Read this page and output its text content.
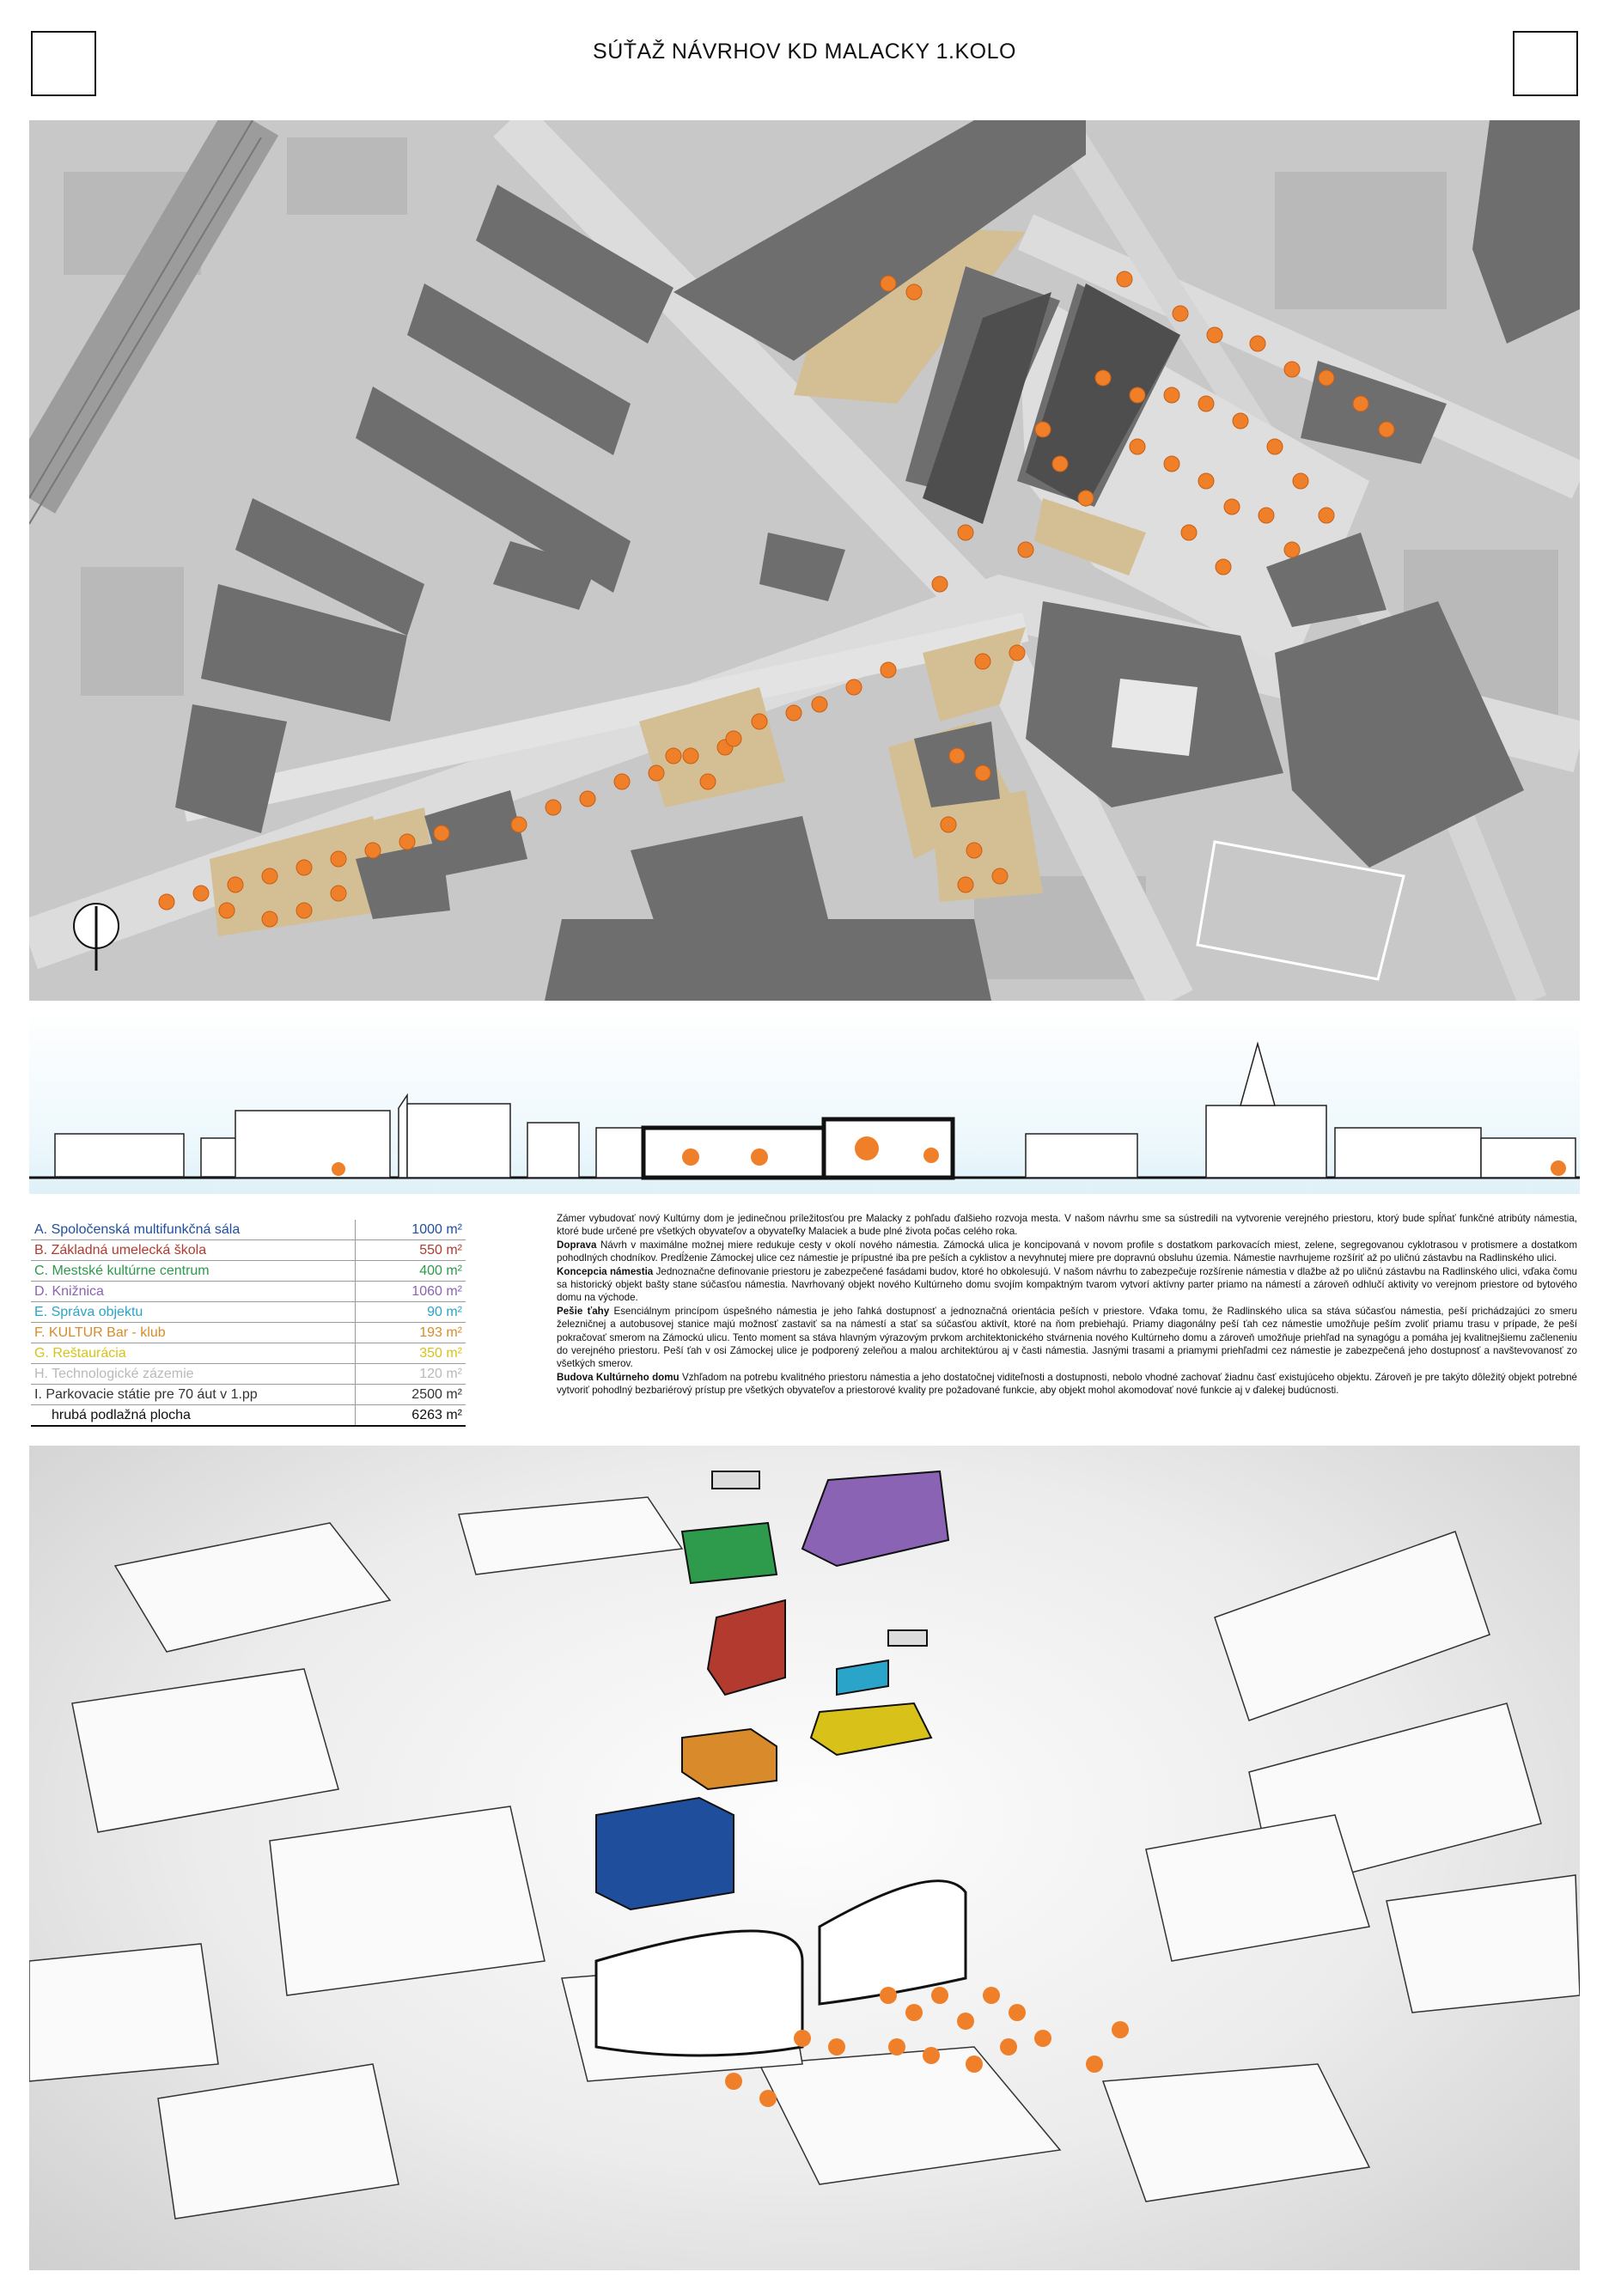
SÚŤAŽ NÁVRHOV KD MALACKY 1.KOLO
A. Spoločenská multifunkčná sála	1000 m²
B. Základná umelecká škola	550 m²
C. Mestské kultúrne centrum	400 m²
D. Knižnica	1060 m²
E. Správa objektu	90 m²
F. KULTUR Bar - klub	193 m²
G. Reštaurácia	350 m²
H. Technologické zázemie	120 m²
I. Parkovacie státie pre 70 áut v 1.pp	2500 m²
hrubá podlažná plocha	6263 m²

Zámer vybudovať nový Kultúrny dom je jedinečnou príležitosťou pre Malacky z pohľadu ďalšieho rozvoja mesta. V našom návrhu sme sa sústredili na vytvorenie verejného priestoru, ktorý bude spĺňať funkčné atribúty námestia, ktoré bude určené pre všetkých obyvateľov a obyvateľky Malaciek a bude plné života počas celého roka.

Doprava Návrh v maximálne možnej miere redukuje cesty v okolí nového námestia. Zámocká ulica je koncipovaná v novom profile s dostatkom parkovacích miest, zelene, segregovanou cyklotrasou v protismere a dostatkom pohodlných chodníkov. Predĺženie Zámockej ulice cez námestie je prípustné iba pre peších a cyklistov a nevyhnutej miere pre dopravnú obsluhu územia. Námestie navrhujeme rozšíriť až po uličnú zástavbu na Radlinského ulici.

Koncepcia námestia Jednoznačne definovanie priestoru je zabezpečené fasádami budov, ktoré ho obkolesujú. V našom návrhu to zabezpečuje rozšírenie námestia v dlažbe až po uličnú zástavbu na Radlinského ulici, vďaka čomu sa historický objekt bašty stane súčasťou námestia. Navrhovaný objekt nového Kultúrneho domu svojím kompaktným tvarom vytvorí aktívny parter priamo na námestí a zároveň odhlučí aktivity vo verejnom priestore od bytového domu na východe.

Pešie ťahy Esenciálnym princípom úspešného námestia je jeho ľahká dostupnosť a jednoznačná orientácia peších v priestore. Vďaka tomu, že Radlinského ulica sa stáva súčasťou námestia, peší prichádzajúci zo smeru železničnej a autobusovej stanice majú možnosť zastaviť sa na námestí a stať sa súčasťou aktivít, ktoré na ňom prebiehajú. Priamy diagonálny peší ťah cez námestie umožňuje peším zvoliť priamu trasu v prípade, že peší pokračovať smerom na Zámockú ulicu. Tento moment sa stáva hlavným výrazovým prvkom architektonického stvárnenia nového Kultúrneho domu a zároveň umožňuje priehľad na synagógu a pomáha jej kvalitnejšiemu začleneniu do verejného priestoru. Peší ťah v osi Zámockej ulice je podporený zeleňou a malou architektúrou aj v časti námestia. Jasnými trasami a priamymi priehľadmi cez námestie je zabezpečená jeho dostupnosť a navštevovanosť zo všetkých smerov.

Budova Kultúrneho domu Vzhľadom na potrebu kvalitného priestoru námestia a jeho dostatočnej viditeľnosti a dostupnosti, nebolo vhodné zachovať žiadnu časť existujúceho objektu. Zároveň je pre takýto dôležitý objekt potrebné vytvoriť pohodlný bezbariérový prístup pre všetkých obyvateľov a priestorové kvality pre požadované funkcie, aby objekt mohol akomodovať nové funkcie aj v ďalekej budúcnosti.
